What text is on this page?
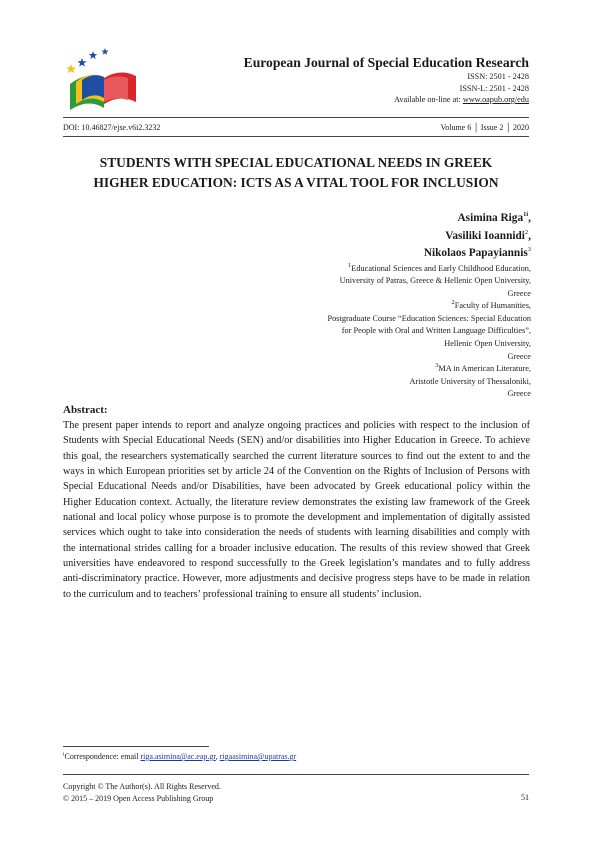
European Journal of Special Education Research
ISSN: 2501 - 2428
ISSN-L: 2501 - 2428
Available on-line at: www.oapub.org/edu
DOI: 10.46827/ejse.v6i2.3232	Volume 6 │ Issue 2 │ 2020
STUDENTS WITH SPECIAL EDUCATIONAL NEEDS IN GREEK
HIGHER EDUCATION: ICTS AS A VITAL TOOL FOR INCLUSION
Asimina Riga$^{1i}$,
Vasiliki Ioannidi$^2$,
Nikolaos Papayiannis$^3$
$^1$Educational Sciences and Early Childhood Education,
University of Patras, Greece & Hellenic Open University,
Greece
$^2$Faculty of Humanities,
Postgraduate Course “Education Sciences: Special Education
for People with Oral and Written Language Difficulties”,
Hellenic Open University,
Greece
$^3$MA in American Literature,
Aristotle University of Thessaloniki,
Greece
Abstract:
The present paper intends to report and analyze ongoing practices and policies with respect to the inclusion of Students with Special Educational Needs (SEN) and/or disabilities into Higher Education in Greece. To achieve this goal, the researchers systematically searched the current literature sources to find out the extent to and the ways in which European priorities set by article 24 of the Convention on the Rights of Inclusion of Persons with Special Educational Needs and/or Disabilities, have been advocated by Greek educational policy within the Higher Education context. Actually, the literature review demonstrates the existing law framework of the Greek national and local policy whose purpose is to promote the development and implementation of digitally assisted services which ought to take into consideration the needs of students with learning disabilities and comply with the international strides calling for a broader inclusive education. The results of this review showed that Greek universities have endeavored to respond successfully to the Greek legislation’s mandates and to fully address anti-discriminatory practice. However, more adjustments and decisive progress steps have to be made in relation to the curriculum and to teachers’ professional training to ensure all students’ inclusion.
$^i$Correspondence: email riga.asimina@ac.eap.gr, rigaasimina@upatras.gr
Copyright © The Author(s). All Rights Reserved.
© 2015 – 2019 Open Access Publishing Group	51
